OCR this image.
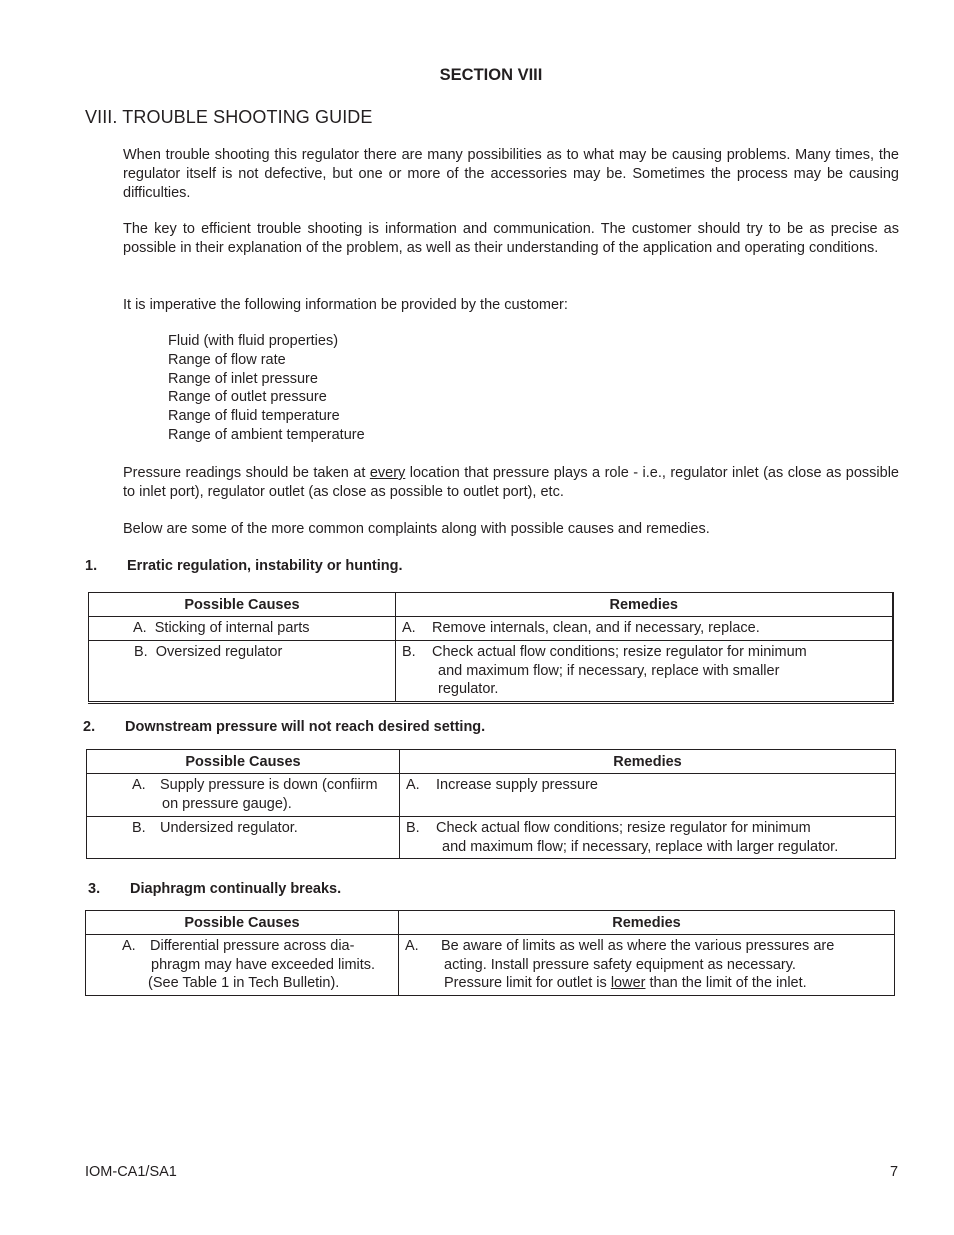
SECTION VIII
VIII. TROUBLE SHOOTING GUIDE
When trouble shooting this regulator there are many possibilities as to what may be causing problems. Many times, the regulator itself is not defective, but one or more of the accessories may be. Sometimes the process may be causing difficulties.
The key to efficient trouble shooting is information and communication. The customer should try to be as precise as possible in their explanation of the problem, as well as their understanding of the application and operating conditions.
It is imperative the following information be provided by the customer:
Fluid (with fluid properties)
Range of flow rate
Range of inlet pressure
Range of outlet pressure
Range of fluid temperature
Range of ambient temperature
Pressure readings should be taken at every location that pressure plays a role - i.e., regulator inlet (as close as possible to inlet port), regulator outlet (as close as possible to outlet port), etc.
Below are some of the more common complaints along with possible causes and remedies.
1. Erratic regulation, instability or hunting.
Possible Causes	Remedies

A. Sticking of internal parts	A. Remove internals, clean, and if necessary, replace.

B. Oversized regulator	B. Check actual flow conditions; resize regulator for minimum
and maximum flow; if necessary, replace with smaller
regulator.
2. Downstream pressure will not reach desired setting.
Possible Causes	Remedies

A. Supply pressure is down (confiirm
on pressure gauge).	A. Increase supply pressure

B. Undersized regulator.	B. Check actual flow conditions; resize regulator for minimum
and maximum flow; if necessary, replace with larger regulator.
3. Diaphragm continually breaks.
Possible Causes	Remedies

A. Differential pressure across dia-
phragm may have exceeded limits.
(See Table 1 in Tech Bulletin).	A. Be aware of limits as well as where the various pressures are
acting. Install pressure safety equipment as necessary.
Pressure limit for outlet is lower than the limit of the inlet.
IOM-CA1/SA1	7
